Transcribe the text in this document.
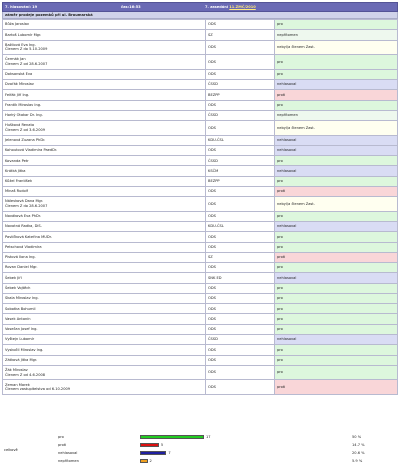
7. hlasování: 19	čas:16:53	7. zasedání 11.ZMČ/2010
záměr prodeje pozemků při ul. Broumarská
Bůža Jaroslav	ODS	pro

Bartoš Lubomír Mgr.	SZ	nepřítomen

Bažilová Eva Ing.
Členem Z do 5.10.2009	ODS	nebyl/a členem Zast.

Čermák Jan
Členem Z od 28.6.2007	ODS	pro

Doksanská Eva	ODS	pro

Dvořák Miroslav	ČSSD	nehlasoval

Feifák Jiří Ing.	BEZPP	proti

Frantík Miroslav Ing.	ODS	pro

Horký Otakar Dr. Ing.	ČSSD	nepřítomen

Hušková Renata
Členem Z od 3.6.2009	ODS	nebyl/a členem Zast.

Jelenová Zuzana PhDr.	KDU-ČSL	nehlasoval

Kohoutová Vladimíra PaedDr.	ODS	nehlasoval

Kovanda Petr	ČSSD	pro

Krátká Jitka	KSČM	nehlasoval

Kůžel František	BEZPP	pro

Minaš Rudolf	ODS	proti

Nálevková Dana Mgr.
Členem Z do 28.6.2007	ODS	nebyl/a členem Zast.

Nováková Eva PhDr.	ODS	pro

Novotná Radka, DiS.	KDU-ČSL	nehlasoval

Pavlíčková Kateřina MUDr.	ODS	pro

Petschová Vladimíra	ODS	pro

Pistová Ilona Ing.	SZ	proti

Rovan Daniel Mgr.	ODS	pro

Šebek Jiří	SNK ED	nehlasoval

Šebek Vojtěch	ODS	pro

Skala Miroslav Ing.	ODS	pro

Sobotka Bohumil	ODS	pro

Vasek Antonín	ODS	pro

Vosečan Josef Ing.	ODS	pro

Vyštejn Lubomír	ČSSD	nehlasoval

Vyskočil Miroslav Ing.	ODS	pro

Zátková Jitka Mgr.	ODS	pro

Žák Miroslav
Členem Z od 4.6.2008	ODS	pro

Zeman Marek
Členem zastupitelstva od 6.10.2009	ODS	proti
celkově
pro	17	50 %
proti	5	14.7 %
nehlasoval	7	20.6 %
nepřítomen	2	5.9 %
